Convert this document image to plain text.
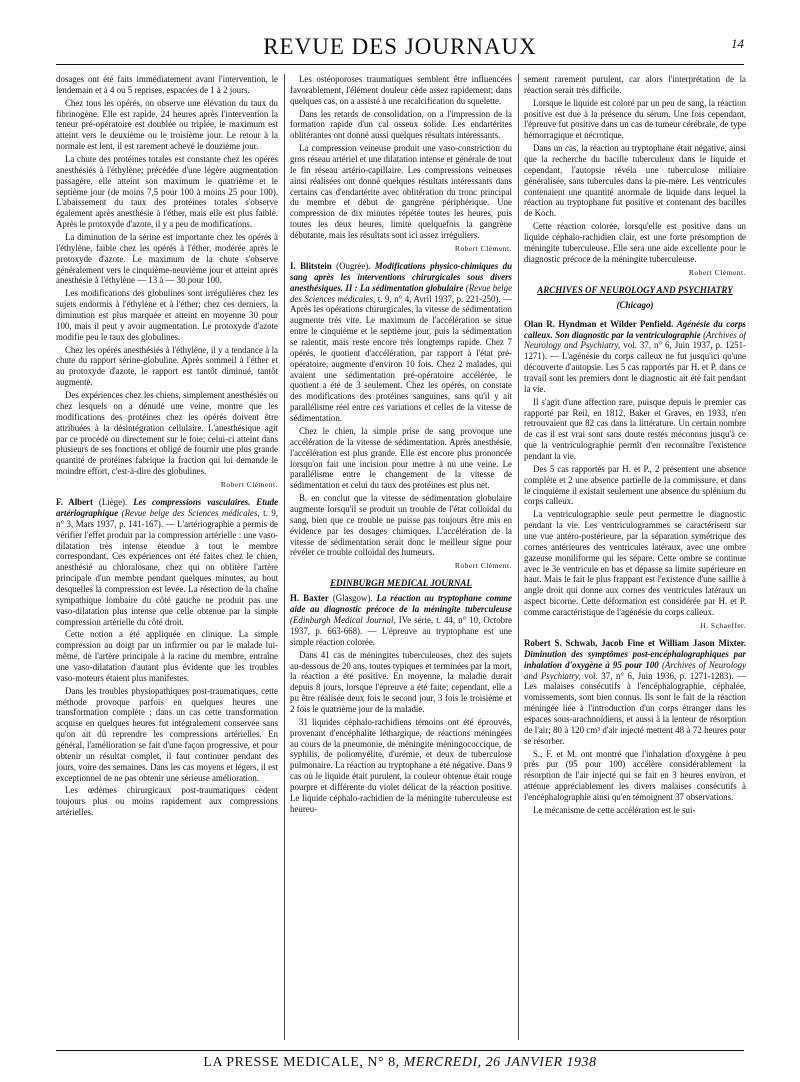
REVUE DES JOURNAUX	14

dosages ont été faits immédiatement avant l'intervention, le lendemain et à 4 ou 5 reprises, espacées de 1 à 2 jours.

Chez tous les opérés, on observe une élévation du taux du fibrinogène. Elle est rapide, 24 heures après l'intervention la teneur pré-opératoire est doublée ou triplée, le maximum est atteint vers le deuxième ou le troisième jour. Le retour à la normale est lent, il est rarement achevé le douzième jour.

La chute des protéines totales est constante chez les opérés anesthésiés à l'éthylène; précédée d'une légère augmentation passagère, elle atteint son maximum le quatrième et le septième jour (de moins 7,5 pour 100 à moins 25 pour 100). L'abaissement du taux des protéines totales s'observe également après anesthésie à l'éther, mais elle est plus faible. Après le protoxyde d'azote, il y a peu de modifications.

La diminution de la sérine est importante chez les opérés à l'éthylène, faible chez les opérés à l'éther, modérée après le protoxyde d'azote. Le maximum de la chute s'observe généralement vers le cinquième-neuvième jour et atteint après anesthésie à l'éthylène — 13 à — 30 pour 100.

Les modifications des globulines sont irrégulières chez les sujets endormis à l'éthylène et à l'éther; chez ces derniers, la diminution est plus marquée et atteint en moyenne 30 pour 100, mais il peut y avoir augmentation. Le protoxyde d'azote modifie peu le taux des globulines.

Chez les opérés anesthésiés à l'éthylène, il y a tendance à la chute du rapport sérine-globuline. Après sommeil à l'éther et au protoxyde d'azote, le rapport est tantôt diminué, tantôt augmenté.

Des expériences chez les chiens, simplement anesthésiés ou chez lesquels on a dénudé une veine, montre que les modifications des protéines chez les opérés doivent être attribuées à la désintégration cellulaire. L'anesthésique agit par ce procédé ou directement sur le foie; celui-ci atteint dans plusieurs de ses fonctions et obligé de fournir une plus grande quantité de protéines fabrique la fraction qui lui demande le moindre effort, c'est-à-dire des globulines.

Robert Clément.

F. Albert (Liège). Les compressions vasculaires. Etude artériographique (Revue belge des Sciences médicales, t. 9, n° 3, Mars 1937, p. 141-167). — L'artériographie a permis de vérifier l'effet produit par la compression artérielle : une vaso-dilatation très intense étendue à tout le membre correspondant. Ces expériences ont été faites chez le chien, anesthésié au chloralosane, chez qui on oblitère l'artère principale d'un membre pendant quelques minutes, au bout desquelles la compression est levée. La résection de la chaîne sympathique lombaire du côté gauche ne produit pas une vaso-dilatation plus intense que celle obtenue par la simple compression artérielle du côté droit.

Cette notion a été appliquée en clinique. La simple compression au doigt par un infirmier ou par le malade lui-même, de l'artère principale à la racine du membre, entraîne une vaso-dilatation d'autant plus évidente que les troubles vaso-moteurs étaient plus manifestes.

Dans les troubles physiopathiques post-traumatiques, cette méthode provoque parfois en quelques heures une transformation complète ; dans un cas cette transformation acquise en quelques heures fut intégralement conservée sans qu'on ait dû reprendre les compressions artérielles. En général, l'amélioration se fait d'une façon progressive, et pour obtenir un résultat complet, il faut continuer pendant des jours, voire des semaines. Dans les cas moyens et légers, il est exceptionnel de ne pas obtenir une sérieuse amélioration.

Les œdèmes chirurgicaux post-traumatiques cèdent toujours plus ou moins rapidement aux compressions artérielles.

Les ostéoporoses traumatiques semblent être influencées favorablement, l'élément douleur cède assez rapidement; dans quelques cas, on a assisté à une recalcification du squelette.

Dans les retards de consolidation, on a l'impression de la formation rapide d'un cal osseux solide. Les endartérites oblitérantes ont donné aussi quelques résultats intéressants.

La compression veineuse produit une vaso-constriction du gros réseau artériel et une dilatation intense et générale de tout le fin réseau artério-capillaire. Les compressions veineuses ainsi réalisées ont donné quelques résultats intéressants dans certains cas d'endartérite avec oblitération du tronc principal du membre et début de gangrène périphérique. Une compression de dix minutes répétée toutes les heures, puis toutes les deux heures, limite quelquefois la gangrène débutante, mais les résultats sont ici assez irréguliers.

Robert Clément.

I. Blitstein (Ougrée). Modifications physico-chimiques du sang après les interventions chirurgicales sous divers anesthésiques. II : La sédimentation globulaire (Revue belge des Sciences médicales, t. 9, n° 4, Avril 1937, p. 221-250). — Après les opérations chirurgicales, la vitesse de sédimentation augmente très vite. Le maximum de l'accélération se situe entre le cinquième et le septième jour, puis la sédimentation se ralentit, mais reste encore très longtemps rapide. Chez 7 opérés, le quotient d'accélération, par rapport à l'état pré-opératoire, augmente d'environ 10 fois. Chez 2 malades, qui avaient une sédimentation pré-opératoire accélérée, le quotient a été de 3 seulement. Chez les opérés, on constate des modifications des protéines sanguines, sans qu'il y ait parallélisme réel entre ces variations et celles de la vitesse de sédimentation.

Chez le chien, la simple prise de sang provoque une accélération de la vitesse de sédimentation. Après anesthésie, l'accélération est plus grande. Elle est encore plus prononcée lorsqu'on fait une incision pour mettre à nu une veine. Le parallélisme entre le changement de la vitesse de sédimentation et celui du taux des protéines est plus net.

B. en conclut que la vitesse de sédimentation globulaire augmente lorsqu'il se produit un trouble de l'état colloïdal du sang, bien que ce trouble ne puisse pas toujours être mis en évidence par les dosages chimiques. L'accélération de la vitesse de sédimentation serait donc le meilleur signe pour révéler ce trouble colloïdal des humeurs.

Robert Clément.

EDINBURGH MEDICAL JOURNAL

H. Baxter (Glasgow). La réaction au tryptophane comme aide au diagnostic précoce de la méningite tuberculeuse (Edinburgh Medical Journal, IVe série, t. 44, n° 10, Octobre 1937, p. 663-668). — L'épreuve au tryptophane est une simple réaction colorée.

Dans 41 cas de méningites tuberculeuses, chez des sujets au-dessous de 20 ans, toutes typiques et terminées par la mort, la réaction a été positive. En moyenne, la maladie durait depuis 8 jours, lorsque l'épreuve a été faite; cependant, elle a pu être réalisée deux fois le second jour, 3 fois le troisième et 2 fois le quatrième jour de la maladie.

31 liquides céphalo-rachidiens témoins ont été éprouvés, provenant d'encéphalite léthargique, de réactions méningées au cours de la pneumonie, de méningite méningococcique, de syphilis, de poliomyélite, d'urémie, et deux de tuberculose pulmonaire. La réaction au tryptophane a été négative. Dans 9 cas où le liquide était purulent, la couleur obtenue était rouge pourpre et différente du violet délicat de la réaction positive. Le liquide céphalo-rachidien de la méningite tuberculeuse est heureu-

sement rarement purulent, car alors l'interprétation de la réaction serait très difficile.

Lorsque le liquide est coloré par un peu de sang, la réaction positive est due à la présence du sérum. Une fois cependant, l'épreuve fut positive dans un cas de tumeur cérébrale, de type hémorragique et nécrotique.

Dans un cas, la réaction au tryptophane était négative, ainsi que la recherche du bacille tuberculeux dans le liquide et cependant, l'autopsie révéla une tuberculose miliaire généralisée, sans tubercules dans la pie-mère. Les ventricules contenaient une quantité anormale de liquide dans lequel la réaction au tryptophane fut positive et contenant des bacilles de Koch.

Cette réaction colorée, lorsqu'elle est positive dans un liquide céphalo-rachidien clair, est une forte présomption de méningite tuberculeuse. Elle sera une aide excellente pour le diagnostic précoce de la méningite tuberculeuse.

Robert Clément.

ARCHIVES OF NEUROLOGY AND PSYCHIATRY
(Chicago)

Olan R. Hyndman et Wilder Penfield. Agénésie du corps calleux. Son diagnostic par la ventriculographie (Archives of Neurology and Psychiatry, vol. 37, n° 6, Juin 1937, p. 1251-1271). — L'agénésie du corps calleux ne fut jusqu'ici qu'une découverte d'autopsie. Les 5 cas rapportés par H. et P. dans ce travail sont les premiers dont le diagnostic ait été fait pendant la vie.

Il s'agit d'une affection rare, puisque depuis le premier cas rapporté par Reil, en 1812, Baker et Graves, en 1933, n'en retrouvaient que 82 cas dans la littérature. Un certain nombre de cas il est vrai sont sans doute restés méconnus jusqu'à ce que la ventriculographie permît d'en reconnaître l'existence pendant la vie.

Des 5 cas rapportés par H. et P., 2 présentent une absence complète et 2 une absence partielle de la commissure, et dans le cinquième il existait seulement une absence du splénium du corps calleux.

La ventriculographie seule peut permettre le diagnostic pendant la vie. Les ventriculogrammes se caractérisent sur une vue antéro-postérieure, par la séparation symétrique des cornes antérieures des ventricules latéraux, avec une ombre gazeuse moniliforme qui les sépare. Cette ombre se continue avec le 3e ventricule en bas et dépasse sa limite supérieure en haut. Mais le fait le plus frappant est l'existence d'une saillie à angle droit qui donne aux cornes des ventricules latéraux un aspect bicorne. Cette déformation est considérée par H. et P. comme caractéristique de l'agénésie du corps calleux.

H. Schaeffer.

Robert S. Schwab, Jacob Fine et William Jason Mixter. Diminution des symptômes post-encéphalographiques par inhalation d'oxygène à 95 pour 100 (Archives of Neurology and Psychiatry, vol. 37, n° 6, Juin 1936, p. 1271-1283). — Les malaises consécutifs à l'encéphalographie, céphalée, vomissements, sont bien connus. Ils sont le fait de la réaction méningée liée à l'introduction d'un corps étranger dans les espaces sous-arachnoïdiens, et aussi à la lenteur de résorption de l'air; 80 à 120 cm³ d'air injecté mettent 48 à 72 heures pour se résorber.

S., F. et M. ont montré que l'inhalation d'oxygène à peu près pur (95 pour 100) accélère considérablement la résorption de l'air injecté qui se fait en 3 heures environ, et atténue appréciablement les divers malaises consécutifs à l'encéphalographie ainsi qu'en témoignent 37 observations.

Le mécanisme de cette accélération est le sui-

LA PRESSE MEDICALE, N° 8, MERCREDI, 26 JANVIER 1938
